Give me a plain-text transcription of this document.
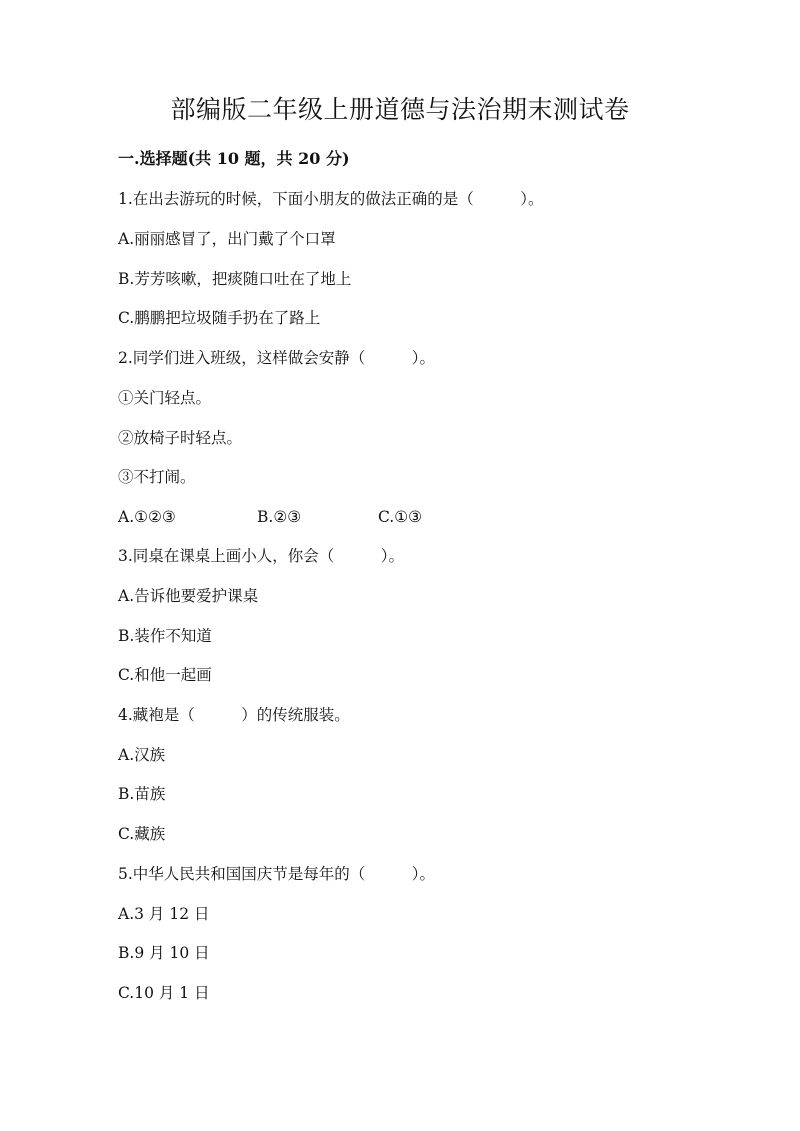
部编版二年级上册道德与法治期末测试卷
一.选择题(共 10 题，共 20 分)
1.在出去游玩的时候，下面小朋友的做法正确的是（　　　）。
A.丽丽感冒了，出门戴了个口罩
B.芳芳咳嗽，把痰随口吐在了地上
C.鹏鹏把垃圾随手扔在了路上
2.同学们进入班级，这样做会安静（　　　）。
①关门轻点。
②放椅子时轻点。
③不打闹。
A.①②③	B.②③	C.①③
3.同桌在课桌上画小人，你会（　　　）。
A.告诉他要爱护课桌
B.装作不知道
C.和他一起画
4.藏袍是（　　　）的传统服装。
A.汉族
B.苗族
C.藏族
5.中华人民共和国国庆节是每年的（　　　）。
A.3 月 12 日
B.9 月 10 日
C.10 月 1 日
